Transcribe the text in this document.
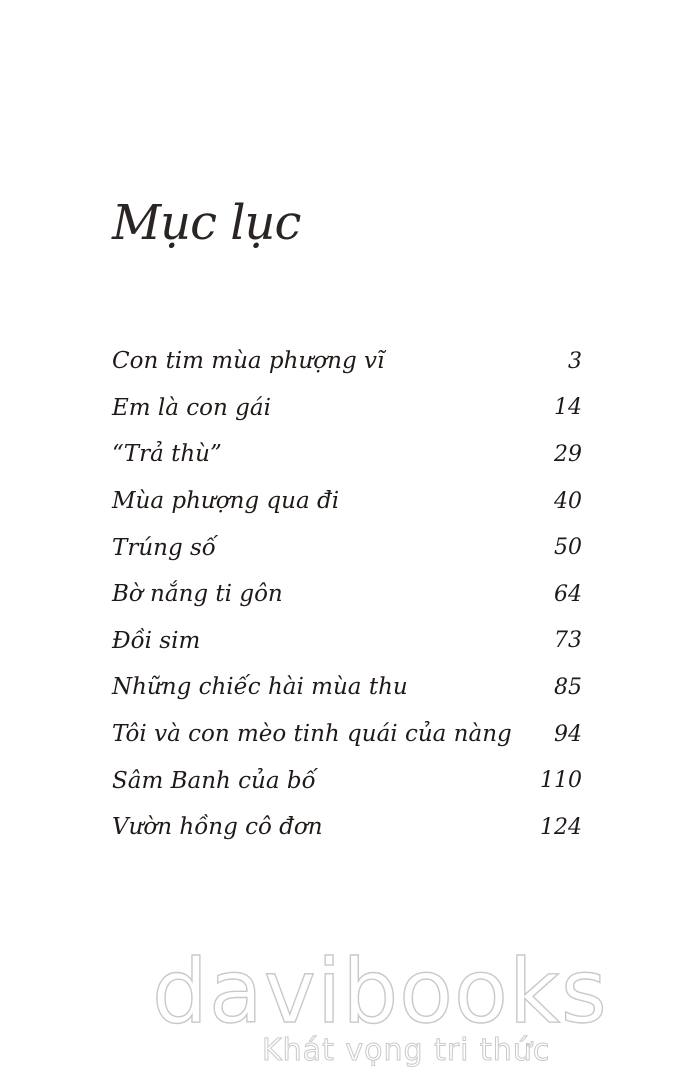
Mục lục
Con tim mùa phượng vĩ	3
Em là con gái	14
“Trả thù”	29
Mùa phượng qua đi	40
Trúng số	50
Bờ nắng ti gôn	64
Đồi sim	73
Những chiếc hài mùa thu	85
Tôi và con mèo tinh quái của nàng 94
Sâm Banh của bố	110
Vườn hồng cô đơn	124
davibooks
Khát vọng tri thức
